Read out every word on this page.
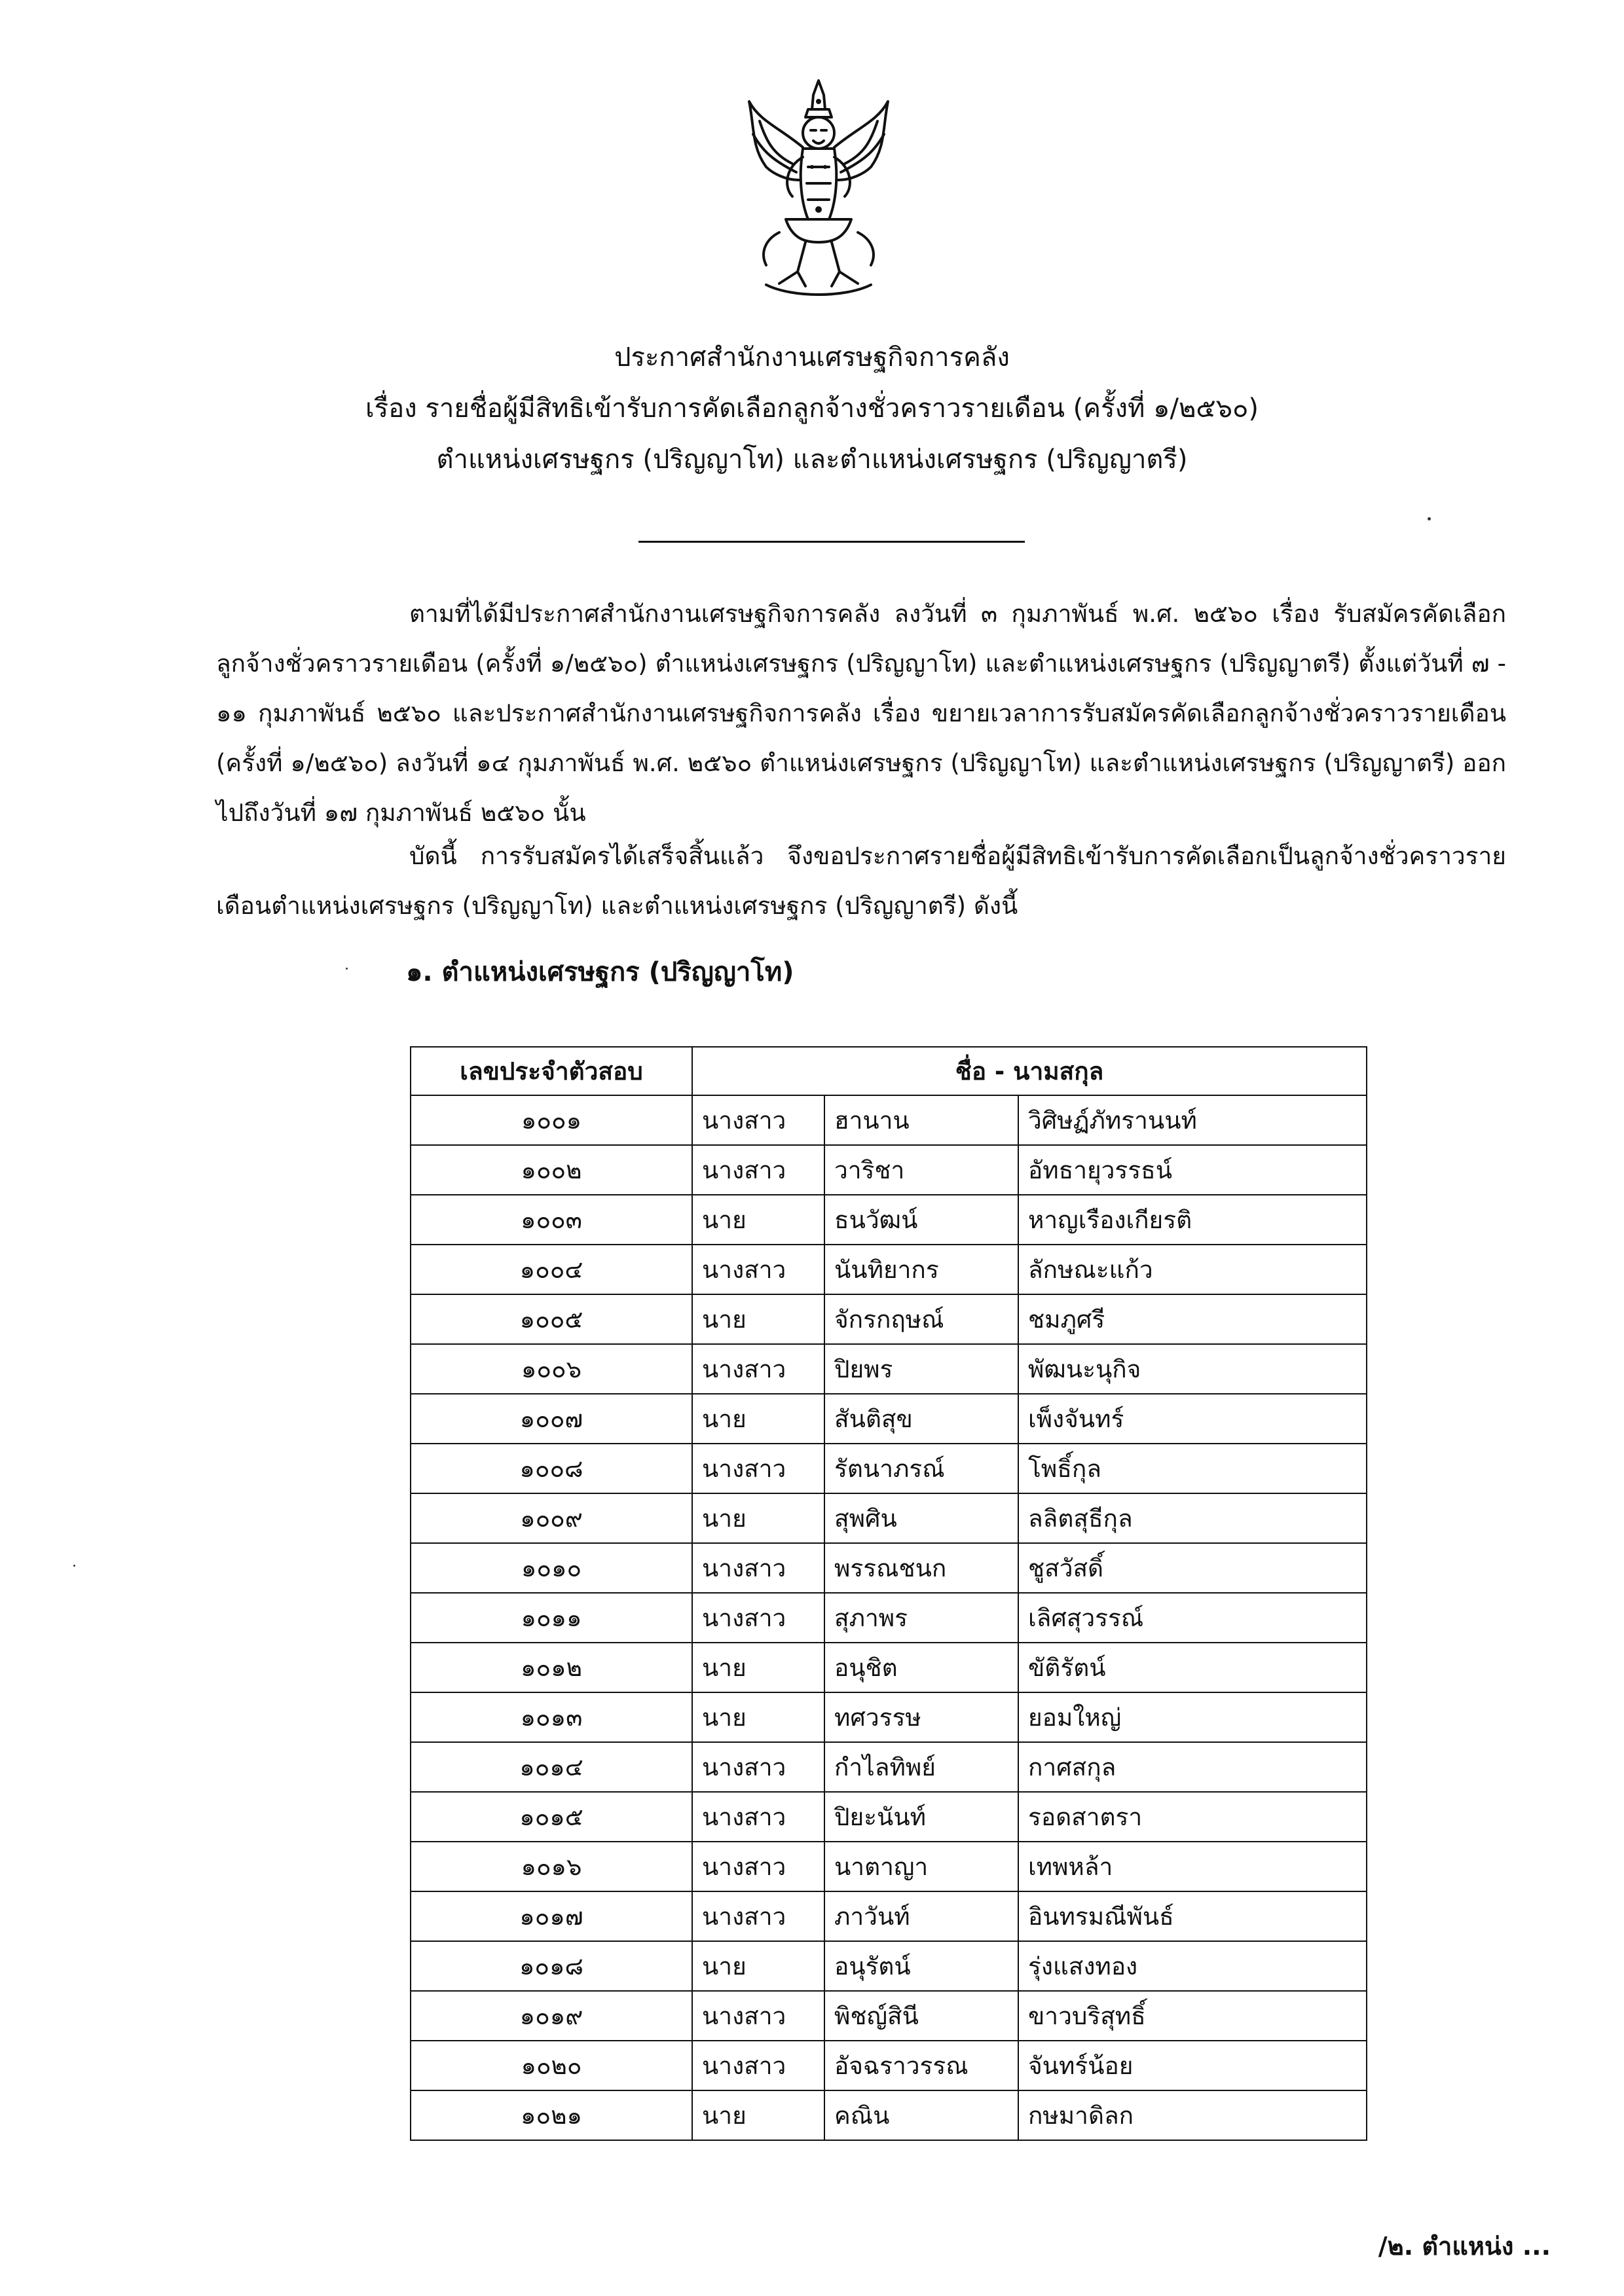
ประกาศสำนักงานเศรษฐกิจการคลัง
เรื่อง รายชื่อผู้มีสิทธิเข้ารับการคัดเลือกลูกจ้างชั่วคราวรายเดือน (ครั้งที่ ๑/๒๕๖๐)
ตำแหน่งเศรษฐกร (ปริญญาโท) และตำแหน่งเศรษฐกร (ปริญญาตรี)

ตามที่ได้มีประกาศสำนักงานเศรษฐกิจการคลัง ลงวันที่ ๓ กุมภาพันธ์ พ.ศ. ๒๕๖๐ เรื่อง รับสมัครคัดเลือกลูกจ้างชั่วคราวรายเดือน (ครั้งที่ ๑/๒๕๖๐) ตำแหน่งเศรษฐกร (ปริญญาโท) และตำแหน่งเศรษฐกร (ปริญญาตรี) ตั้งแต่วันที่ ๗ - ๑๑ กุมภาพันธ์ ๒๕๖๐ และประกาศสำนักงานเศรษฐกิจการคลัง เรื่อง ขยายเวลาการรับสมัครคัดเลือกลูกจ้างชั่วคราวรายเดือน (ครั้งที่ ๑/๒๕๖๐) ลงวันที่ ๑๔ กุมภาพันธ์ พ.ศ. ๒๕๖๐ ตำแหน่งเศรษฐกร (ปริญญาโท) และตำแหน่งเศรษฐกร (ปริญญาตรี) ออกไปถึงวันที่ ๑๗ กุมภาพันธ์ ๒๕๖๐ นั้น

บัดนี้ การรับสมัครได้เสร็จสิ้นแล้ว จึงขอประกาศรายชื่อผู้มีสิทธิเข้ารับการคัดเลือกเป็นลูกจ้างชั่วคราวรายเดือนตำแหน่งเศรษฐกร (ปริญญาโท) และตำแหน่งเศรษฐกร (ปริญญาตรี) ดังนี้

๑. ตำแหน่งเศรษฐกร (ปริญญาโท)
เลขประจำตัวสอบ	ชื่อ - นามสกุล		
๑๐๐๑	นางสาว	ฮานาน	วิศิษฏ์ภัทรานนท์
๑๐๐๒	นางสาว	วาริชา	อัทธายุวรรธน์
๑๐๐๓	นาย	ธนวัฒน์	หาญเรืองเกียรติ
๑๐๐๔	นางสาว	นันทิยากร	ลักษณะแก้ว
๑๐๐๕	นาย	จักรกฤษณ์	ชมภูศรี
๑๐๐๖	นางสาว	ปิยพร	พัฒนะนุกิจ
๑๐๐๗	นาย	สันติสุข	เพ็งจันทร์
๑๐๐๘	นางสาว	รัตนาภรณ์	โพธิ์กุล
๑๐๐๙	นาย	สุพศิน	ลลิตสุธีกุล
๑๐๑๐	นางสาว	พรรณชนก	ชูสวัสดิ์
๑๐๑๑	นางสาว	สุภาพร	เลิศสุวรรณ์
๑๐๑๒	นาย	อนุชิต	ขัติรัตน์
๑๐๑๓	นาย	ทศวรรษ	ยอมใหญ่
๑๐๑๔	นางสาว	กำไลทิพย์	กาศสกุล
๑๐๑๕	นางสาว	ปิยะนันท์	รอดสาตรา
๑๐๑๖	นางสาว	นาตาญา	เทพหล้า
๑๐๑๗	นางสาว	ภาวันท์	อินทรมณีพันธ์
๑๐๑๘	นาย	อนุรัตน์	รุ่งแสงทอง
๑๐๑๙	นางสาว	พิชญ์สินี	ขาวบริสุทธิ์
๑๐๒๐	นางสาว	อัจฉราวรรณ	จันทร์น้อย
๑๐๒๑	นาย	คณิน	กษมาดิลก
/๒. ตำแหน่ง ...
